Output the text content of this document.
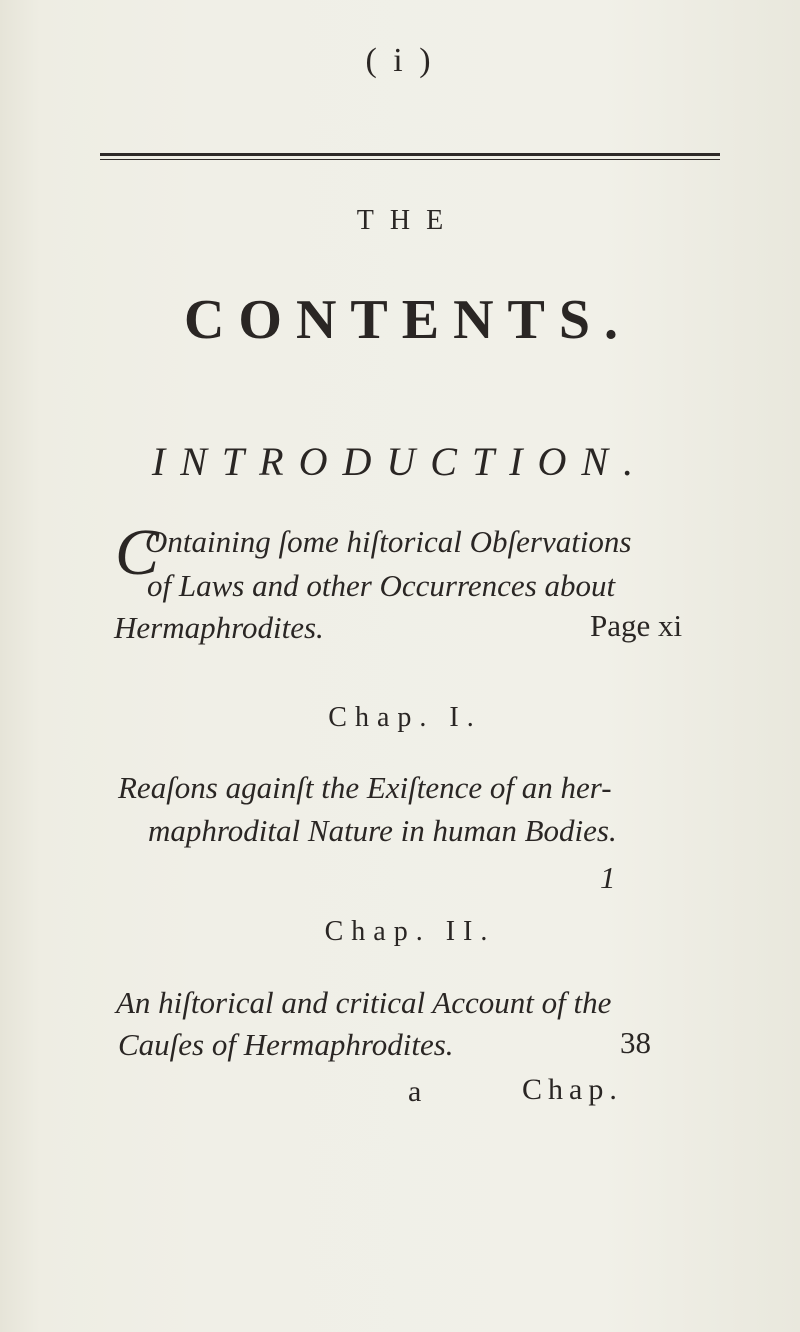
( i )
THE
CONTENTS.
INTRODUCTION.
C
Ontaining ſome hiſtorical Obſervations
of Laws and other Occurrences about
Hermaphrodites.	Page xi
Chap. I.
Reaſons againſt the Exiſtence of an her-
maphrodital Nature in human Bodies.
1
Chap. II.
An hiſtorical and critical Account of the
Cauſes of Hermaphrodites.	38
a	Chap.
